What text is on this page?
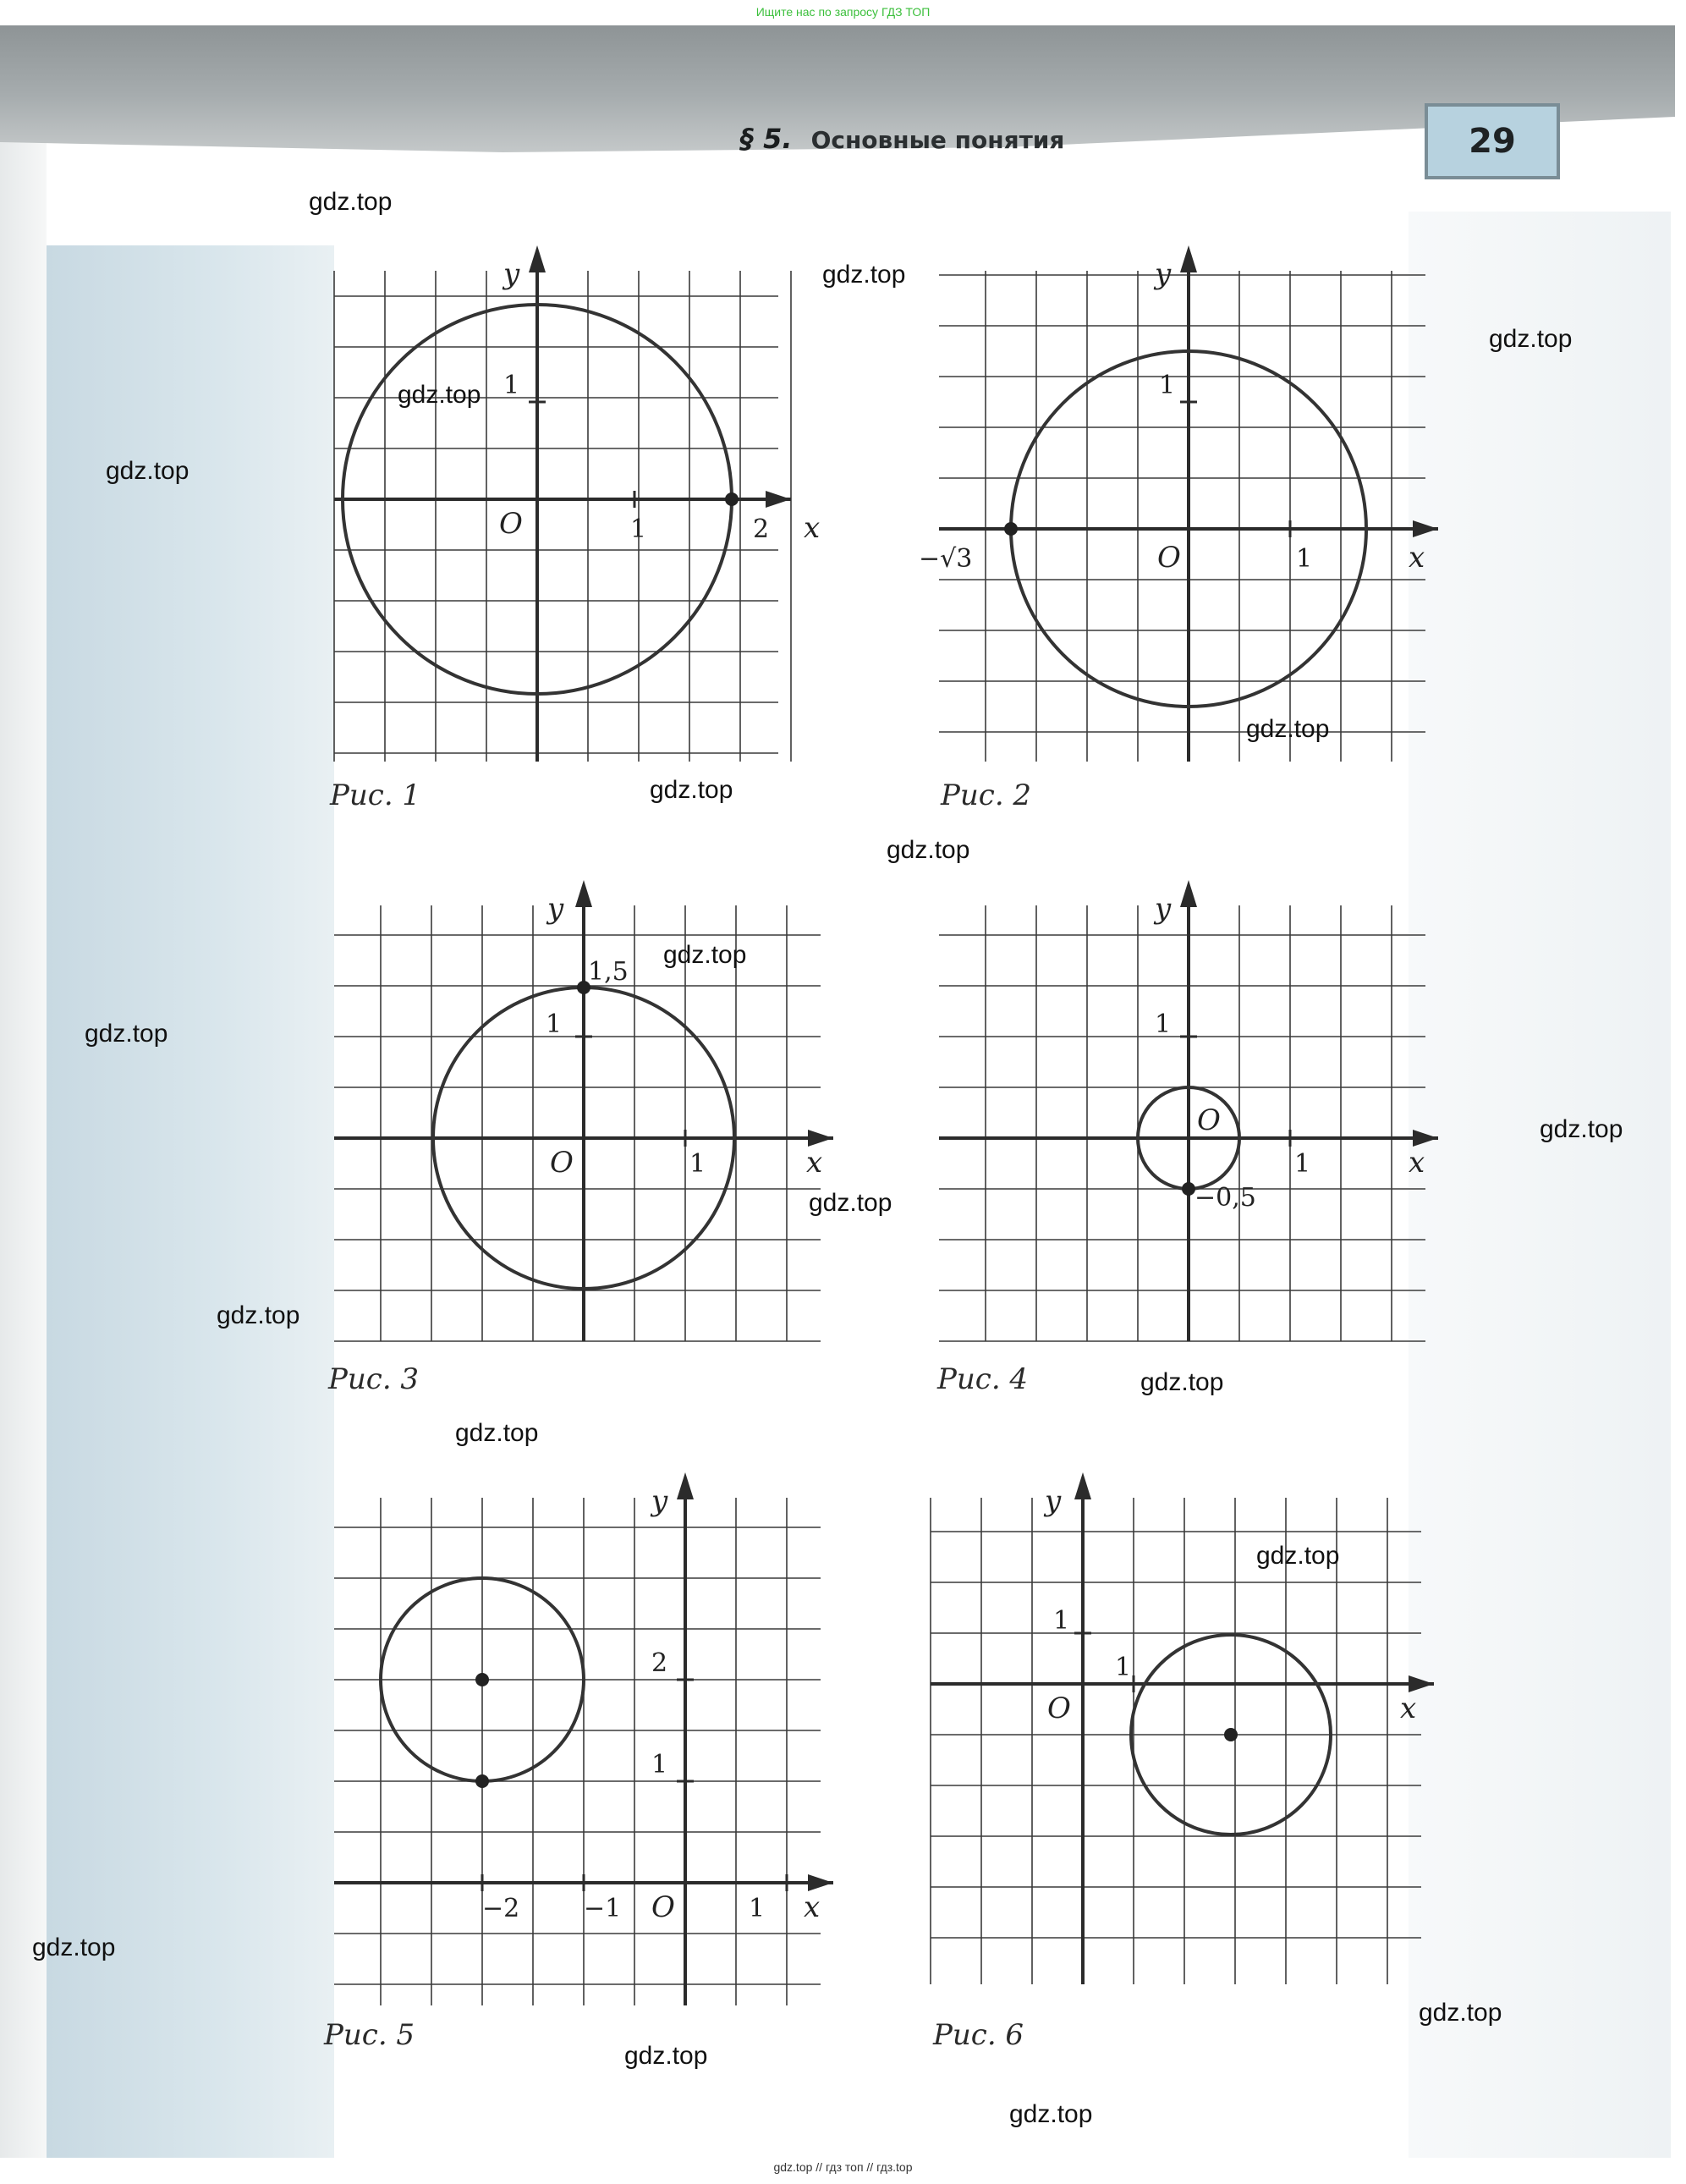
§ 5. Основные понятия	29
Ищите нас по запросу ГДЗ ТОП
gdz.top // гдз топ // гдз.top
O	1	2
1
x
y
Рис. 1
O	1
1
−√3	x
y
Рис. 2
O	1
1
1,5
x
y
Рис. 3
O
1
1
−0,5
x
y
Рис. 4
O	1
−1
−2
1
2
x
y
Рис. 5
O
1
1
x
y
Рис. 6
gdz.top
gdz.top
gdz.top
gdz.top
gdz.top
gdz.top
gdz.top
gdz.top
gdz.top
gdz.top
gdz.top
gdz.top
gdz.top
gdz.top
gdz.top
gdz.top
gdz.top
gdz.top
gdz.top
gdz.top
